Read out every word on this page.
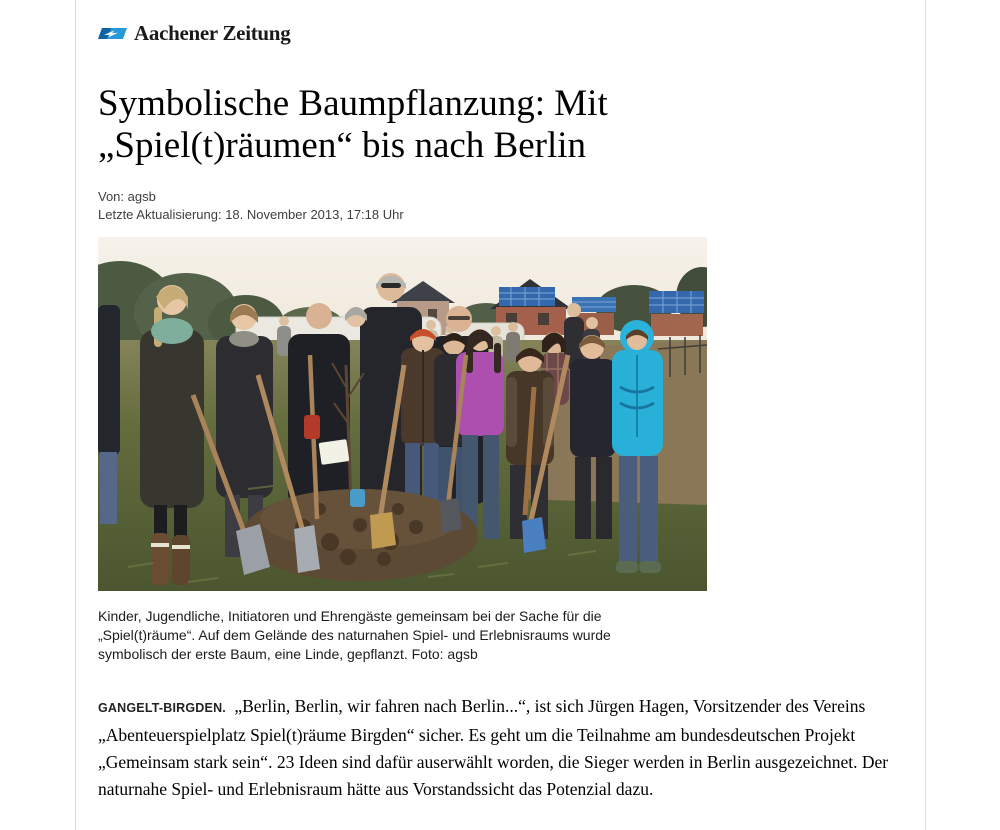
Aachener Zeitung
Symbolische Baumpflanzung: Mit „Spiel(t)räumen“ bis nach Berlin
Von: agsb
Letzte Aktualisierung: 18. November 2013, 17:18 Uhr
Kinder, Jugendliche, Initiatoren und Ehrengäste gemeinsam bei der Sache für die „Spiel(t)räume“. Auf dem Gelände des naturnahen Spiel- und Erlebnisraums wurde symbolisch der erste Baum, eine Linde, gepflanzt. Foto: agsb

GANGELT-BIRGDEN. „Berlin, Berlin, wir fahren nach Berlin...“, ist sich Jürgen Hagen, Vorsitzender des Vereins „Abenteuerspielplatz Spiel(t)räume Birgden“ sicher. Es geht um die Teilnahme am bundesdeutschen Projekt „Gemeinsam stark sein“. 23 Ideen sind dafür auserwählt worden, die Sieger werden in Berlin ausgezeichnet. Der naturnahe Spiel- und Erlebnisraum hätte aus Vorstandssicht das Potenzial dazu.
